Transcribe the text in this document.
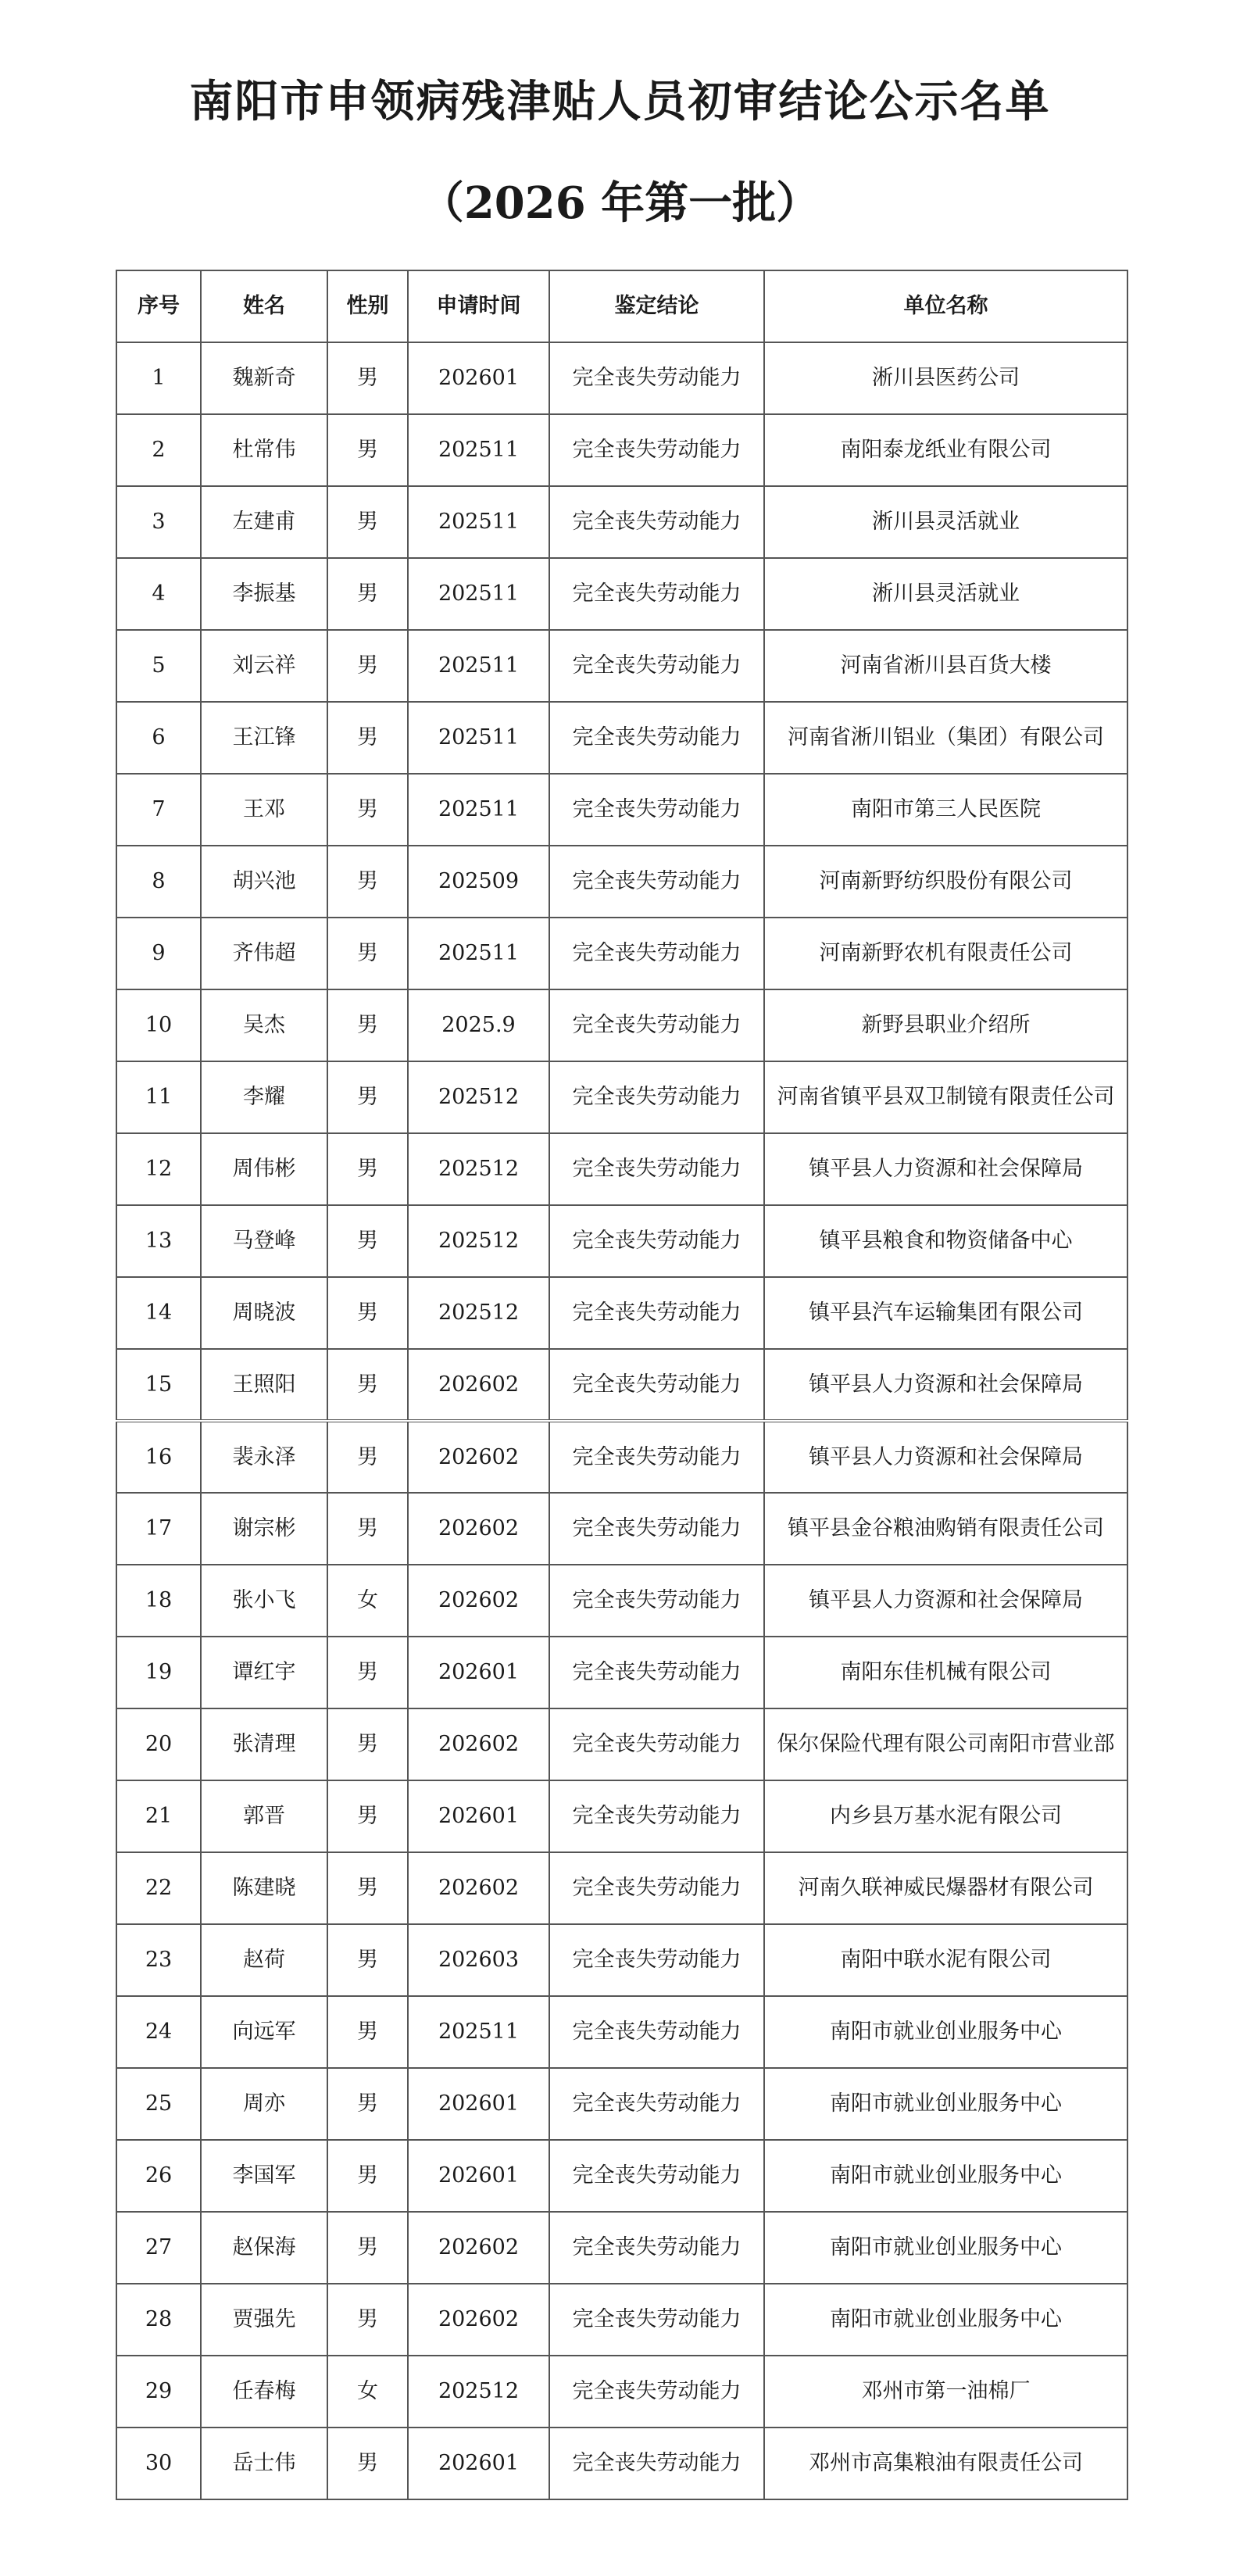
南阳市申领病残津贴人员初审结论公示名单
（2026 年第一批）
序号	姓名	性别	申请时间	鉴定结论	单位名称
1	魏新奇	男	202601	完全丧失劳动能力	淅川县医药公司
2	杜常伟	男	202511	完全丧失劳动能力	南阳泰龙纸业有限公司
3	左建甫	男	202511	完全丧失劳动能力	淅川县灵活就业
4	李振基	男	202511	完全丧失劳动能力	淅川县灵活就业
5	刘云祥	男	202511	完全丧失劳动能力	河南省淅川县百货大楼
6	王江锋	男	202511	完全丧失劳动能力	河南省淅川铝业（集团）有限公司
7	王邓	男	202511	完全丧失劳动能力	南阳市第三人民医院
8	胡兴池	男	202509	完全丧失劳动能力	河南新野纺织股份有限公司
9	齐伟超	男	202511	完全丧失劳动能力	河南新野农机有限责任公司
10	吴杰	男	2025.9	完全丧失劳动能力	新野县职业介绍所
11	李耀	男	202512	完全丧失劳动能力	河南省镇平县双卫制镜有限责任公司
12	周伟彬	男	202512	完全丧失劳动能力	镇平县人力资源和社会保障局
13	马登峰	男	202512	完全丧失劳动能力	镇平县粮食和物资储备中心
14	周晓波	男	202512	完全丧失劳动能力	镇平县汽车运输集团有限公司
15	王照阳	男	202602	完全丧失劳动能力	镇平县人力资源和社会保障局
16	裴永泽	男	202602	完全丧失劳动能力	镇平县人力资源和社会保障局
17	谢宗彬	男	202602	完全丧失劳动能力	镇平县金谷粮油购销有限责任公司
18	张小飞	女	202602	完全丧失劳动能力	镇平县人力资源和社会保障局
19	谭红宇	男	202601	完全丧失劳动能力	南阳东佳机械有限公司
20	张清理	男	202602	完全丧失劳动能力	保尔保险代理有限公司南阳市营业部
21	郭晋	男	202601	完全丧失劳动能力	内乡县万基水泥有限公司
22	陈建晓	男	202602	完全丧失劳动能力	河南久联神威民爆器材有限公司
23	赵荷	男	202603	完全丧失劳动能力	南阳中联水泥有限公司
24	向远军	男	202511	完全丧失劳动能力	南阳市就业创业服务中心
25	周亦	男	202601	完全丧失劳动能力	南阳市就业创业服务中心
26	李国军	男	202601	完全丧失劳动能力	南阳市就业创业服务中心
27	赵保海	男	202602	完全丧失劳动能力	南阳市就业创业服务中心
28	贾强先	男	202602	完全丧失劳动能力	南阳市就业创业服务中心
29	任春梅	女	202512	完全丧失劳动能力	邓州市第一油棉厂
30	岳士伟	男	202601	完全丧失劳动能力	邓州市高集粮油有限责任公司
